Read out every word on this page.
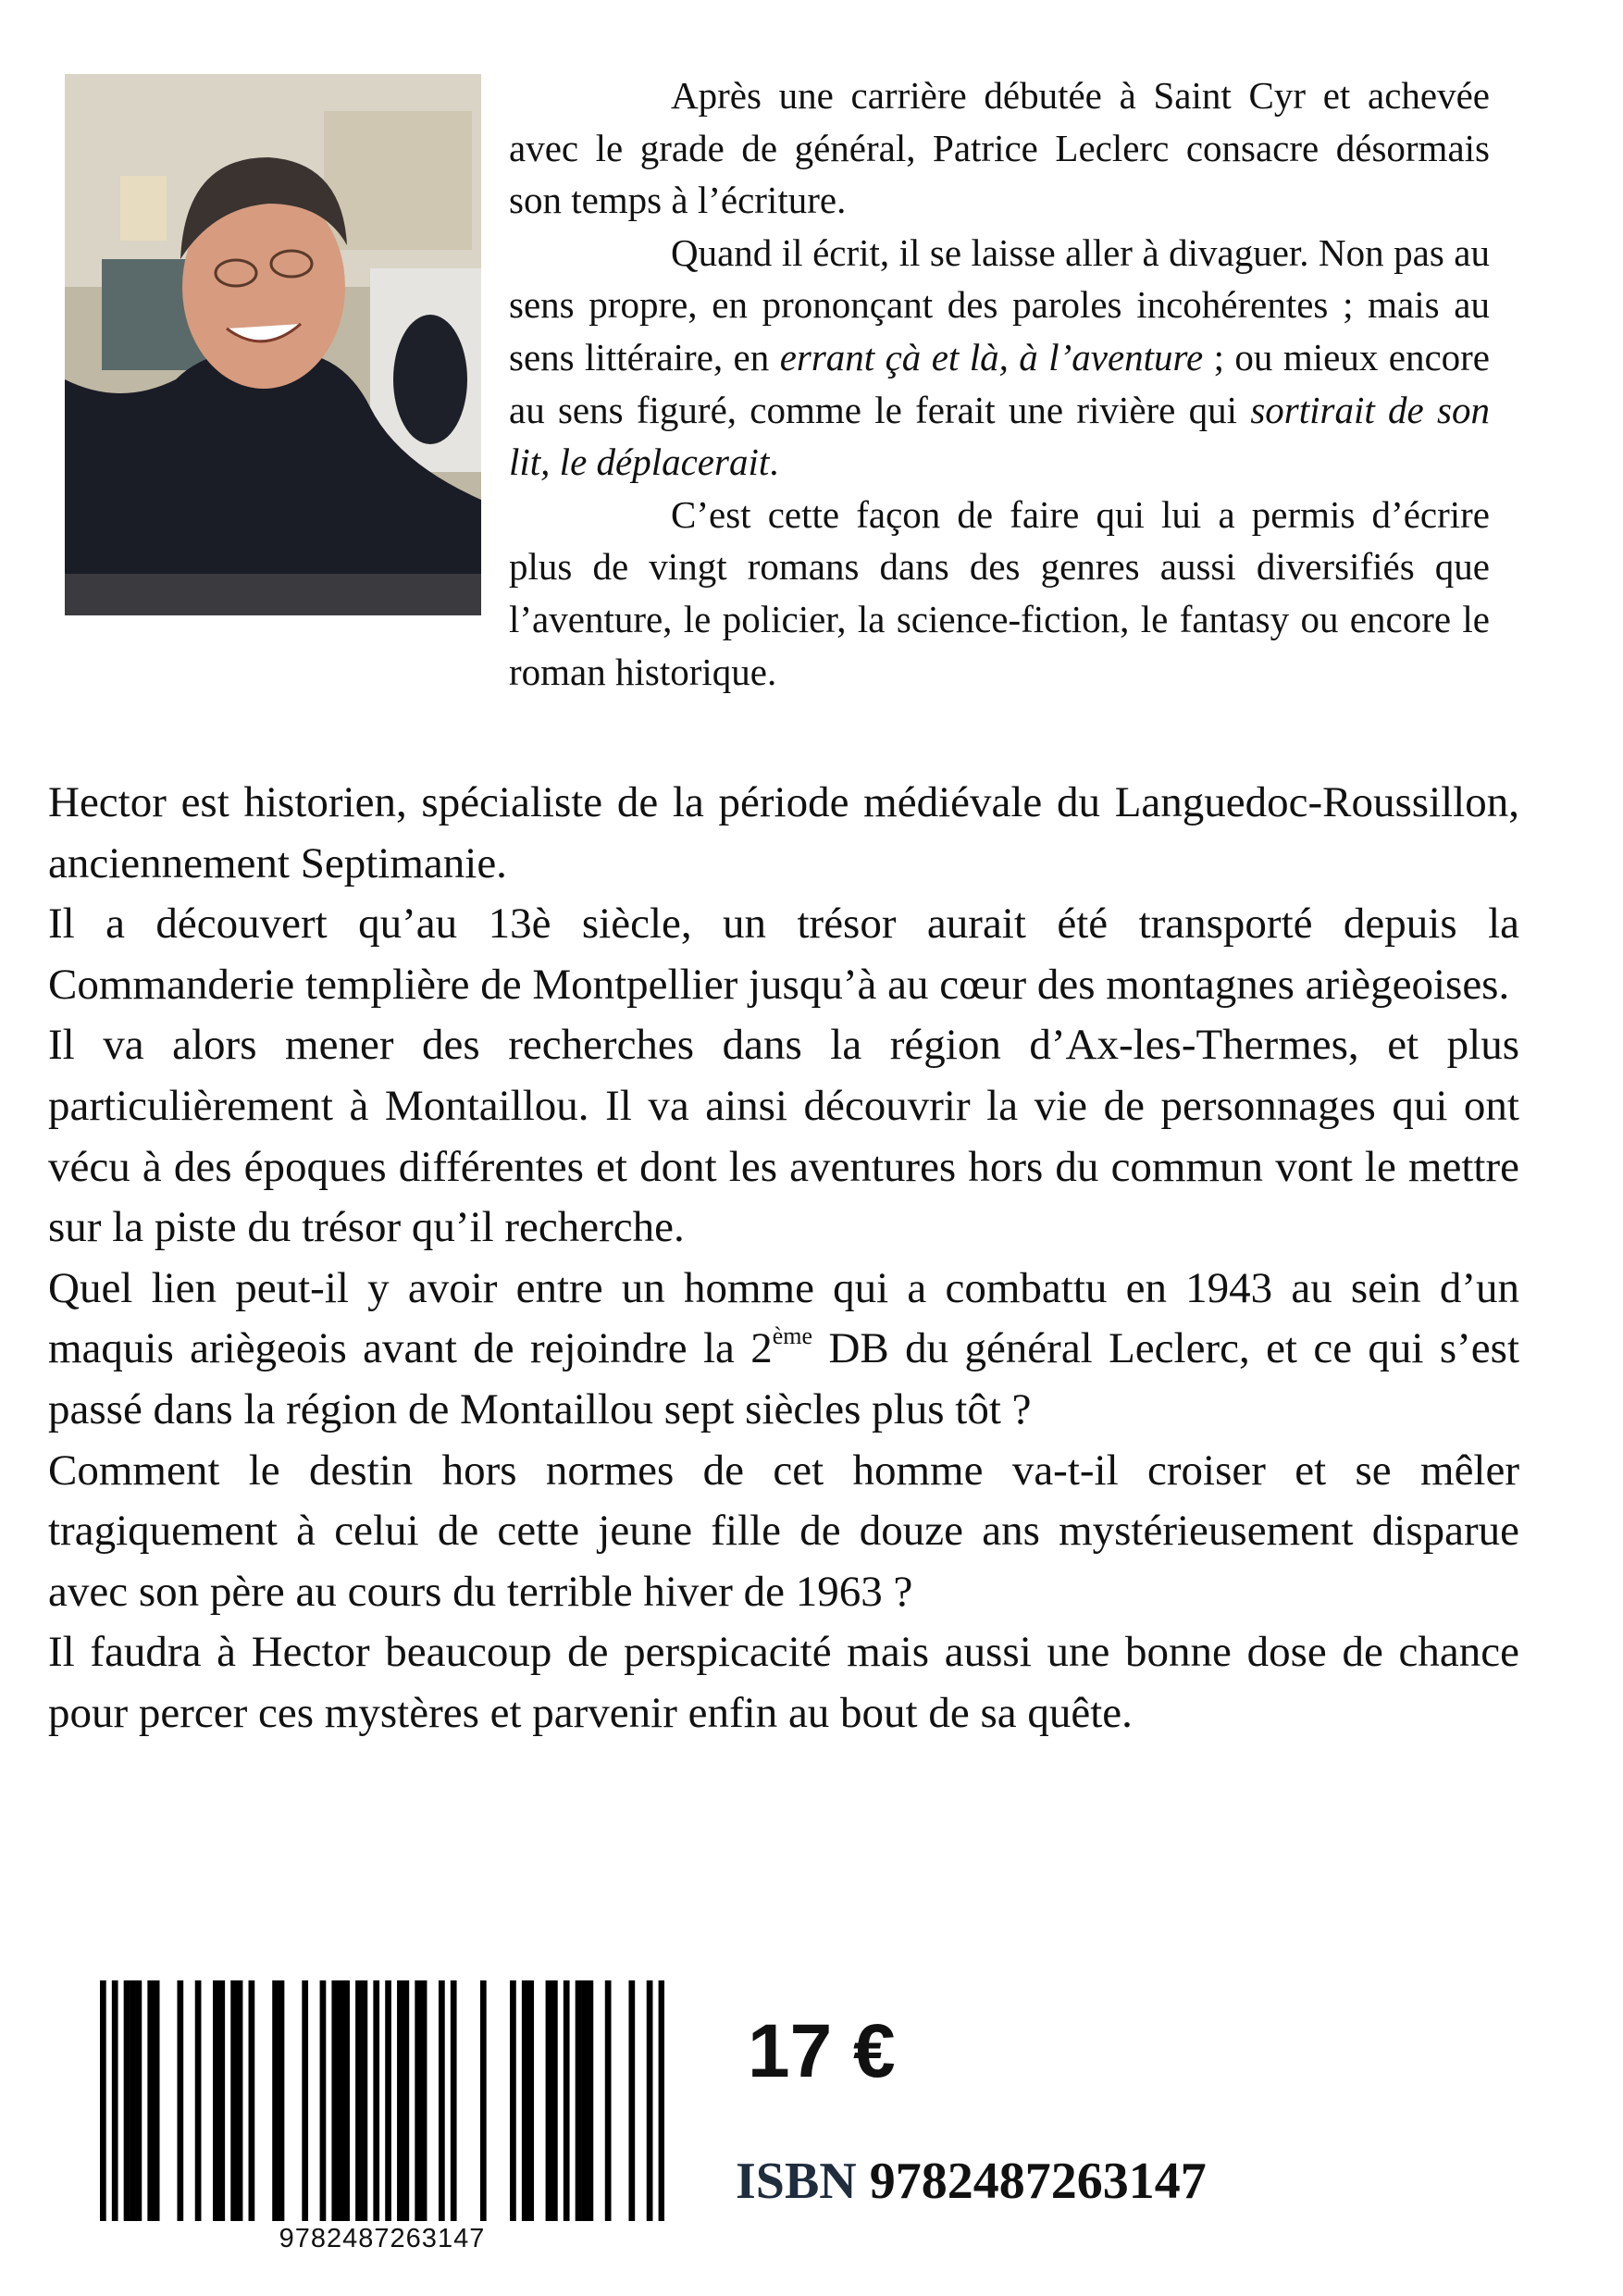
Après une carrière débutée à Saint Cyr et achevée avec le grade de général, Patrice Leclerc consacre désormais son temps à l’écriture.

Quand il écrit, il se laisse aller à divaguer. Non pas au sens propre, en prononçant des paroles incohérentes ; mais au sens littéraire, en errant çà et là, à l’aventure ; ou mieux encore au sens figuré, comme le ferait une rivière qui sortirait de son lit, le déplacerait.

C’est cette façon de faire qui lui a permis d’écrire plus de vingt romans dans des genres aussi diversifiés que l’aventure, le policier, la science-fiction, le fantasy ou encore le roman historique.

Hector est historien, spécialiste de la période médiévale du Languedoc-Roussillon, anciennement Septimanie.

Il a découvert qu’au 13è siècle, un trésor aurait été transporté depuis la Commanderie templière de Montpellier jusqu’à au cœur des montagnes ariègeoises.

Il va alors mener des recherches dans la région d’Ax-les-Thermes, et plus particulièrement à Montaillou. Il va ainsi découvrir la vie de personnages qui ont vécu à des époques différentes et dont les aventures hors du commun vont le mettre sur la piste du trésor qu’il recherche.

Quel lien peut-il y avoir entre un homme qui a combattu en 1943 au sein d’un maquis ariègeois avant de rejoindre la 2ème DB du général Leclerc, et ce qui s’est passé dans la région de Montaillou sept siècles plus tôt ?

Comment le destin hors normes de cet homme va-t-il croiser et se mêler tragiquement à celui de cette jeune fille de douze ans mystérieusement disparue avec son père au cours du terrible hiver de 1963 ?

Il faudra à Hector beaucoup de perspicacité mais aussi une bonne dose de chance pour percer ces mystères et parvenir enfin au bout de sa quête.

9782487263147
17 €
ISBN 9782487263147
